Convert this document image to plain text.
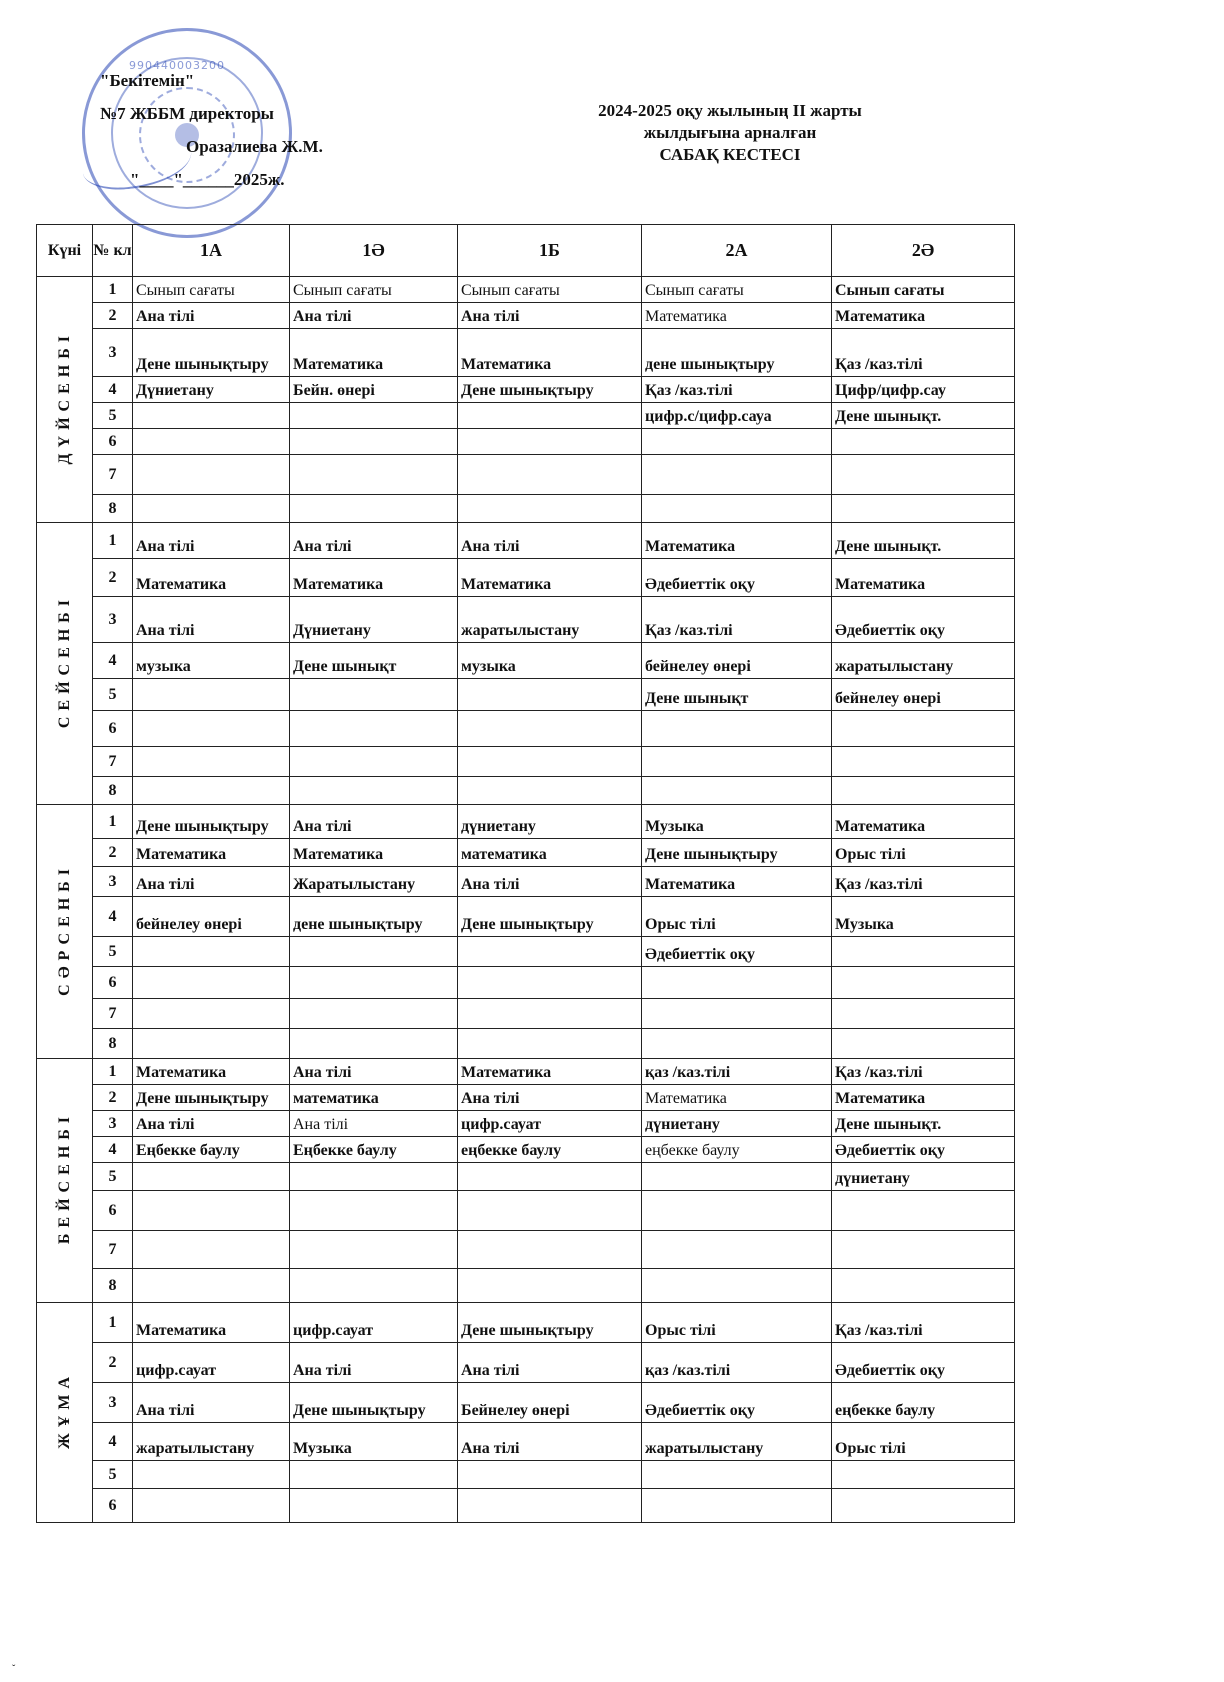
990440003200
"Бекітемін"
№7 ЖББМ директоры
Оразалиева Ж.М.
"____"______2025ж.
2024-2025 оқу жылының ІІ жарты
жылдығына арналған
САБАҚ КЕСТЕСІ
Күні	№ кл	1А	1Ә	1Б	2А	2Ә
ДҮЙСЕНБІ	1	Сынып сағаты	Сынып сағаты	Сынып сағаты	Сынып сағаты	Сынып сағаты
	2	Ана тілі	Ана тілі	Ана тілі	Математика	Математика
	3	Дене шынықтыру	Математика	Математика	дене шынықтыру	Қаз /каз.тілі
	4	Дүниетану	Бейн. өнері	Дене шынықтыру	Қаз /каз.тілі	Цифр/цифр.сау
	5				цифр.с/цифр.сауа	Дене шынықт.
	6					
	7					
	8					
СЕЙСЕНБІ	1	Ана тілі	Ана тілі	Ана тілі	Математика	Дене шынықт.
	2	Математика	Математика	Математика	Әдебиеттік оқу	Математика
	3	Ана тілі	Дүниетану	жаратылыстану	Қаз /каз.тілі	Әдебиеттік оқу
	4	музыка	Дене шынықт	музыка	бейнелеу өнері	жаратылыстану
	5				Дене шынықт	бейнелеу өнері
	6					
	7					
	8					
СӘРСЕНБІ	1	Дене шынықтыру	Ана тілі	дүниетану	Музыка	Математика
	2	Математика	Математика	математика	Дене шынықтыру	Орыс тілі
	3	Ана тілі	Жаратылыстану	Ана тілі	Математика	Қаз /каз.тілі
	4	бейнелеу өнері	дене шынықтыру	Дене шынықтыру	Орыс тілі	Музыка
	5				Әдебиеттік оқу	
	6					
	7					
	8					
БЕЙСЕНБІ	1	Математика	Ана тілі	Математика	қаз /каз.тілі	Қаз /каз.тілі
	2	Дене шынықтыру	математика	Ана тілі	Математика	Математика
	3	Ана тілі	Ана тілі	цифр.сауат	дүниетану	Дене шынықт.
	4	Еңбекке баулу	Еңбекке баулу	еңбекке баулу	еңбекке баулу	Әдебиеттік оқу
	5					дүниетану
	6					
	7					
	8					
ЖҰМА	1	Математика	цифр.сауат	Дене шынықтыру	Орыс тілі	Қаз /каз.тілі
	2	цифр.сауат	Ана тілі	Ана тілі	қаз /каз.тілі	Әдебиеттік оқу
	3	Ана тілі	Дене шынықтыру	Бейнелеу өнері	Әдебиеттік оқу	еңбекке баулу
	4	жаратылыстану	Музыка	Ана тілі	жаратылыстану	Орыс тілі
	5					
	6					
ˇ
